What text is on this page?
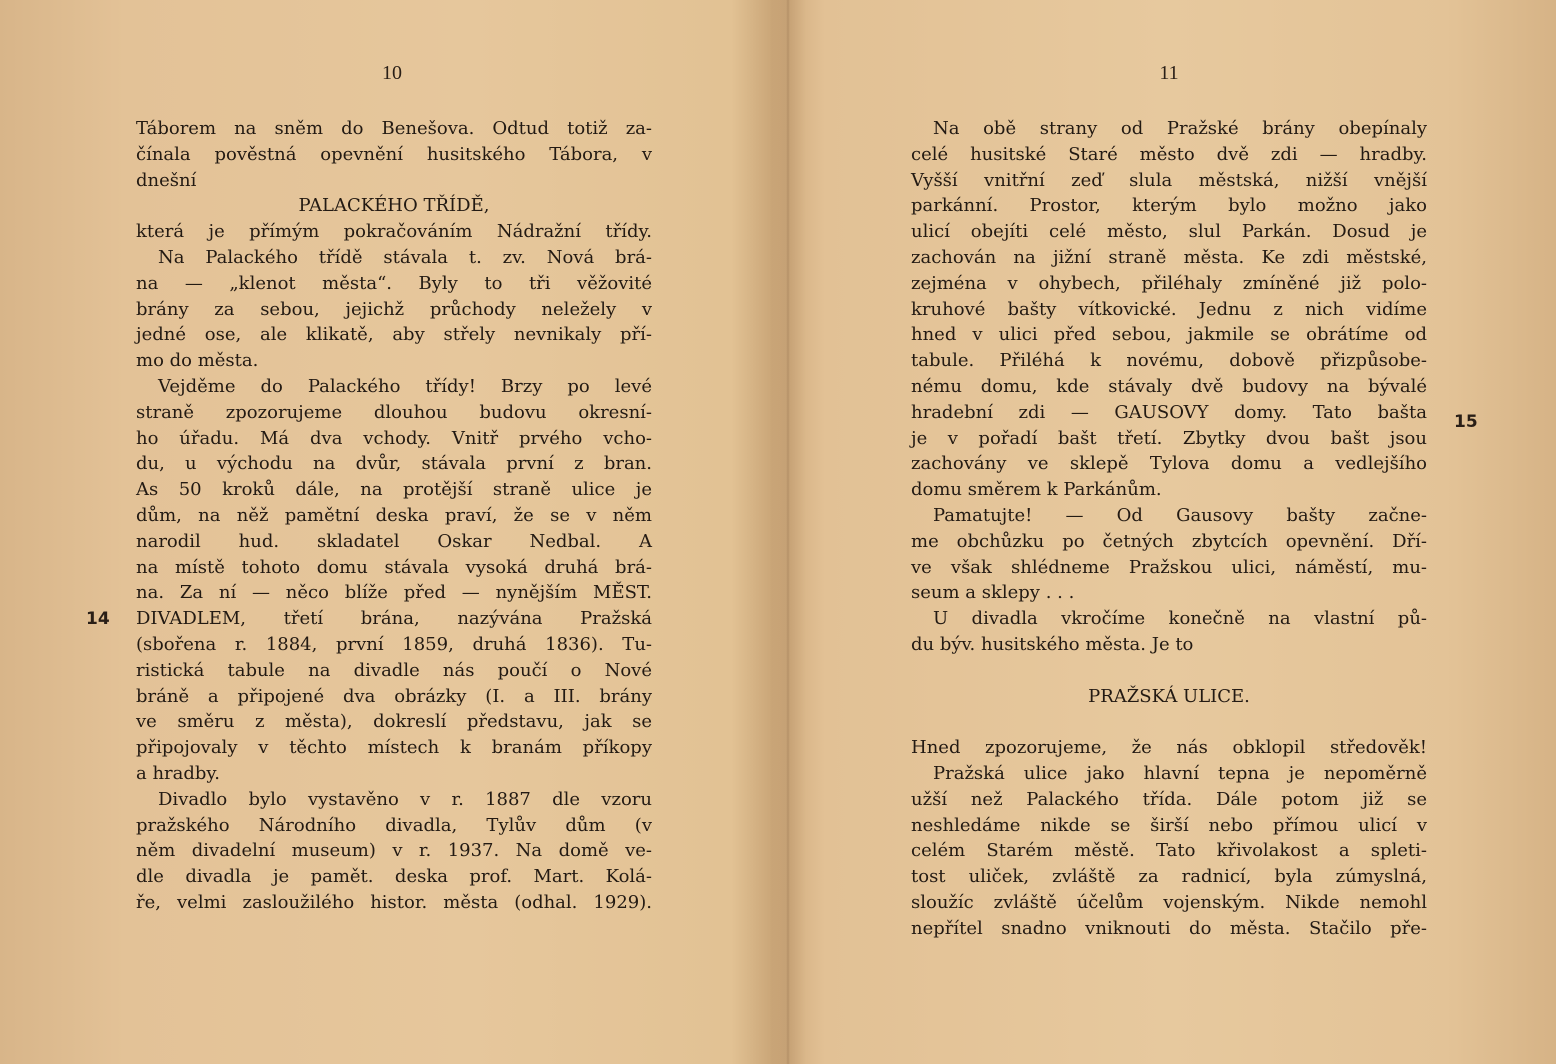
10
Táborem na sněm do Benešova. Odtud totiž za-
čínala pověstná opevnění husitského Tábora, v
dnešní
PALACKÉHO TŘÍDĚ,
která je přímým pokračováním Nádražní třídy.
Na Palackého třídě stávala t. zv. Nová brá-
na — „klenot města“. Byly to tři věžovité
brány za sebou, jejichž průchody neležely v
jedné ose, ale klikatě, aby střely nevnikaly pří-
mo do města.
Vejděme do Palackého třídy! Brzy po levé
straně zpozorujeme dlouhou budovu okresní-
ho úřadu. Má dva vchody. Vnitř prvého vcho-
du, u východu na dvůr, stávala první z bran.
As 50 kroků dále, na protější straně ulice je
dům, na něž pamětní deska praví, že se v něm
narodil hud. skladatel Oskar Nedbal. A
na místě tohoto domu stávala vysoká druhá brá-
na. Za ní — něco blíže před — nynějším MĚST.
DIVADLEM, třetí brána, nazývána Pražská
(sbořena r. 1884, první 1859, druhá 1836). Tu-
ristická tabule na divadle nás poučí o Nové
bráně a připojené dva obrázky (I. a III. brány
ve směru z města), dokreslí představu, jak se
připojovaly v těchto místech k branám příkopy
a hradby.
Divadlo bylo vystavěno v r. 1887 dle vzoru
pražského Národního divadla, Tylův dům (v
něm divadelní museum) v r. 1937. Na domě ve-
dle divadla je pamět. deska prof. Mart. Kolá-
ře, velmi zasloužilého histor. města (odhal. 1929).
14
11
Na obě strany od Pražské brány obepínaly
celé husitské Staré město dvě zdi — hradby.
Vyšší vnitřní zeď slula městská, nižší vnější
parkánní. Prostor, kterým bylo možno jako
ulicí obejíti celé město, slul Parkán. Dosud je
zachován na jižní straně města. Ke zdi městské,
zejména v ohybech, přiléhaly zmíněné již polo-
kruhové bašty vítkovické. Jednu z nich vidíme
hned v ulici před sebou, jakmile se obrátíme od
tabule. Přiléhá k novému, dobově přizpůsobe-
nému domu, kde stávaly dvě budovy na bývalé
hradební zdi — GAUSOVY domy. Tato bašta
je v pořadí bašt třetí. Zbytky dvou bašt jsou
zachovány ve sklepě Tylova domu a vedlejšího
domu směrem k Parkánům.
Pamatujte! — Od Gausovy bašty začne-
me obchůzku po četných zbytcích opevnění. Dří-
ve však shlédneme Pražskou ulici, náměstí, mu-
seum a sklepy . . .
U divadla vkročíme konečně na vlastní pů-
du býv. husitského města. Je to
PRAŽSKÁ ULICE.
Hned zpozorujeme, že nás obklopil středověk!
Pražská ulice jako hlavní tepna je nepoměrně
užší než Palackého třída. Dále potom již se
neshledáme nikde se širší nebo přímou ulicí v
celém Starém městě. Tato křivolakost a spleti-
tost uliček, zvláště za radnicí, byla zúmyslná,
sloužíc zvláště účelům vojenským. Nikde nemohl
nepřítel snadno vniknouti do města. Stačilo pře-
15
